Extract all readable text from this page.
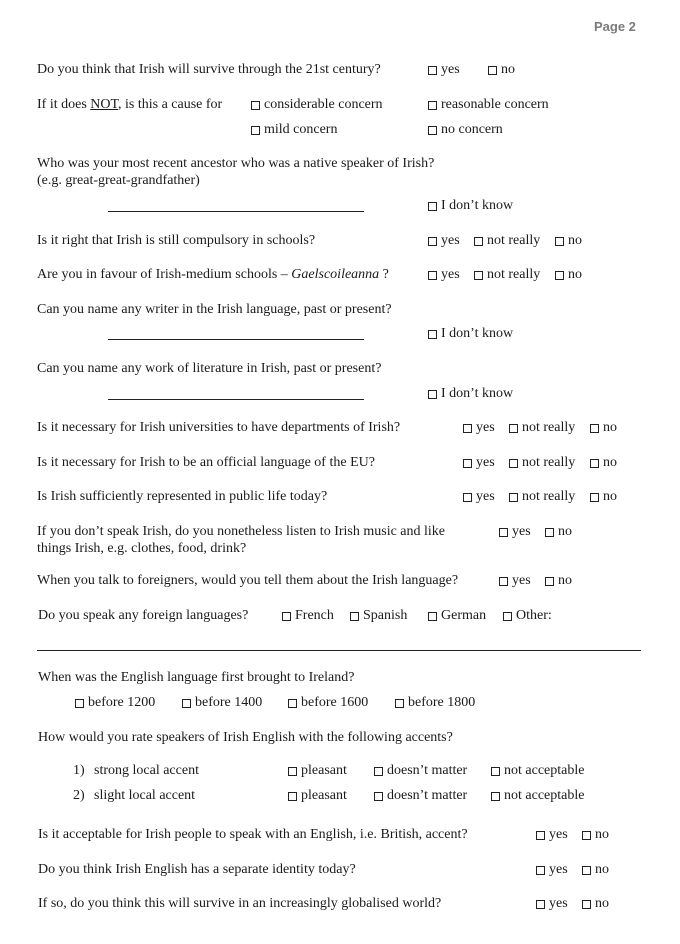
Page 2
Do you think that Irish will survive through the 21st century?	yes	no
If it does NOT, is this a cause for	considerable concern	reasonable concern
mild concern	no concern
Who was your most recent ancestor who was a native speaker of Irish?
(e.g. great-great-grandfather)
I don’t know
Is it right that Irish is still compulsory in schools?	yes not really no
Are you in favour of Irish-medium schools – Gaelscoileanna ?	yes not really no
Can you name any writer in the Irish language, past or present?
I don’t know
Can you name any work of literature in Irish, past or present?
I don’t know
Is it necessary for Irish universities to have departments of Irish?	yes not really no
Is it necessary for Irish to be an official language of the EU?	yes not really no
Is Irish sufficiently represented in public life today?	yes not really no
If you don’t speak Irish, do you nonetheless listen to Irish music and like
things Irish, e.g. clothes, food, drink?
yes no
When you talk to foreigners, would you tell them about the Irish language?	yes no
Do you speak any foreign languages?	French Spanish German Other:
When was the English language first brought to Ireland?
before 1200	before 1400	before 1600	before 1800
How would you rate speakers of Irish English with the following accents?
1) strong local accent	pleasant	doesn’t matter	not acceptable
2) slight local accent	pleasant	doesn’t matter	not acceptable
Is it acceptable for Irish people to speak with an English, i.e. British, accent?	yes no
Do you think Irish English has a separate identity today?	yes no
If so, do you think this will survive in an increasingly globalised world?	yes no
